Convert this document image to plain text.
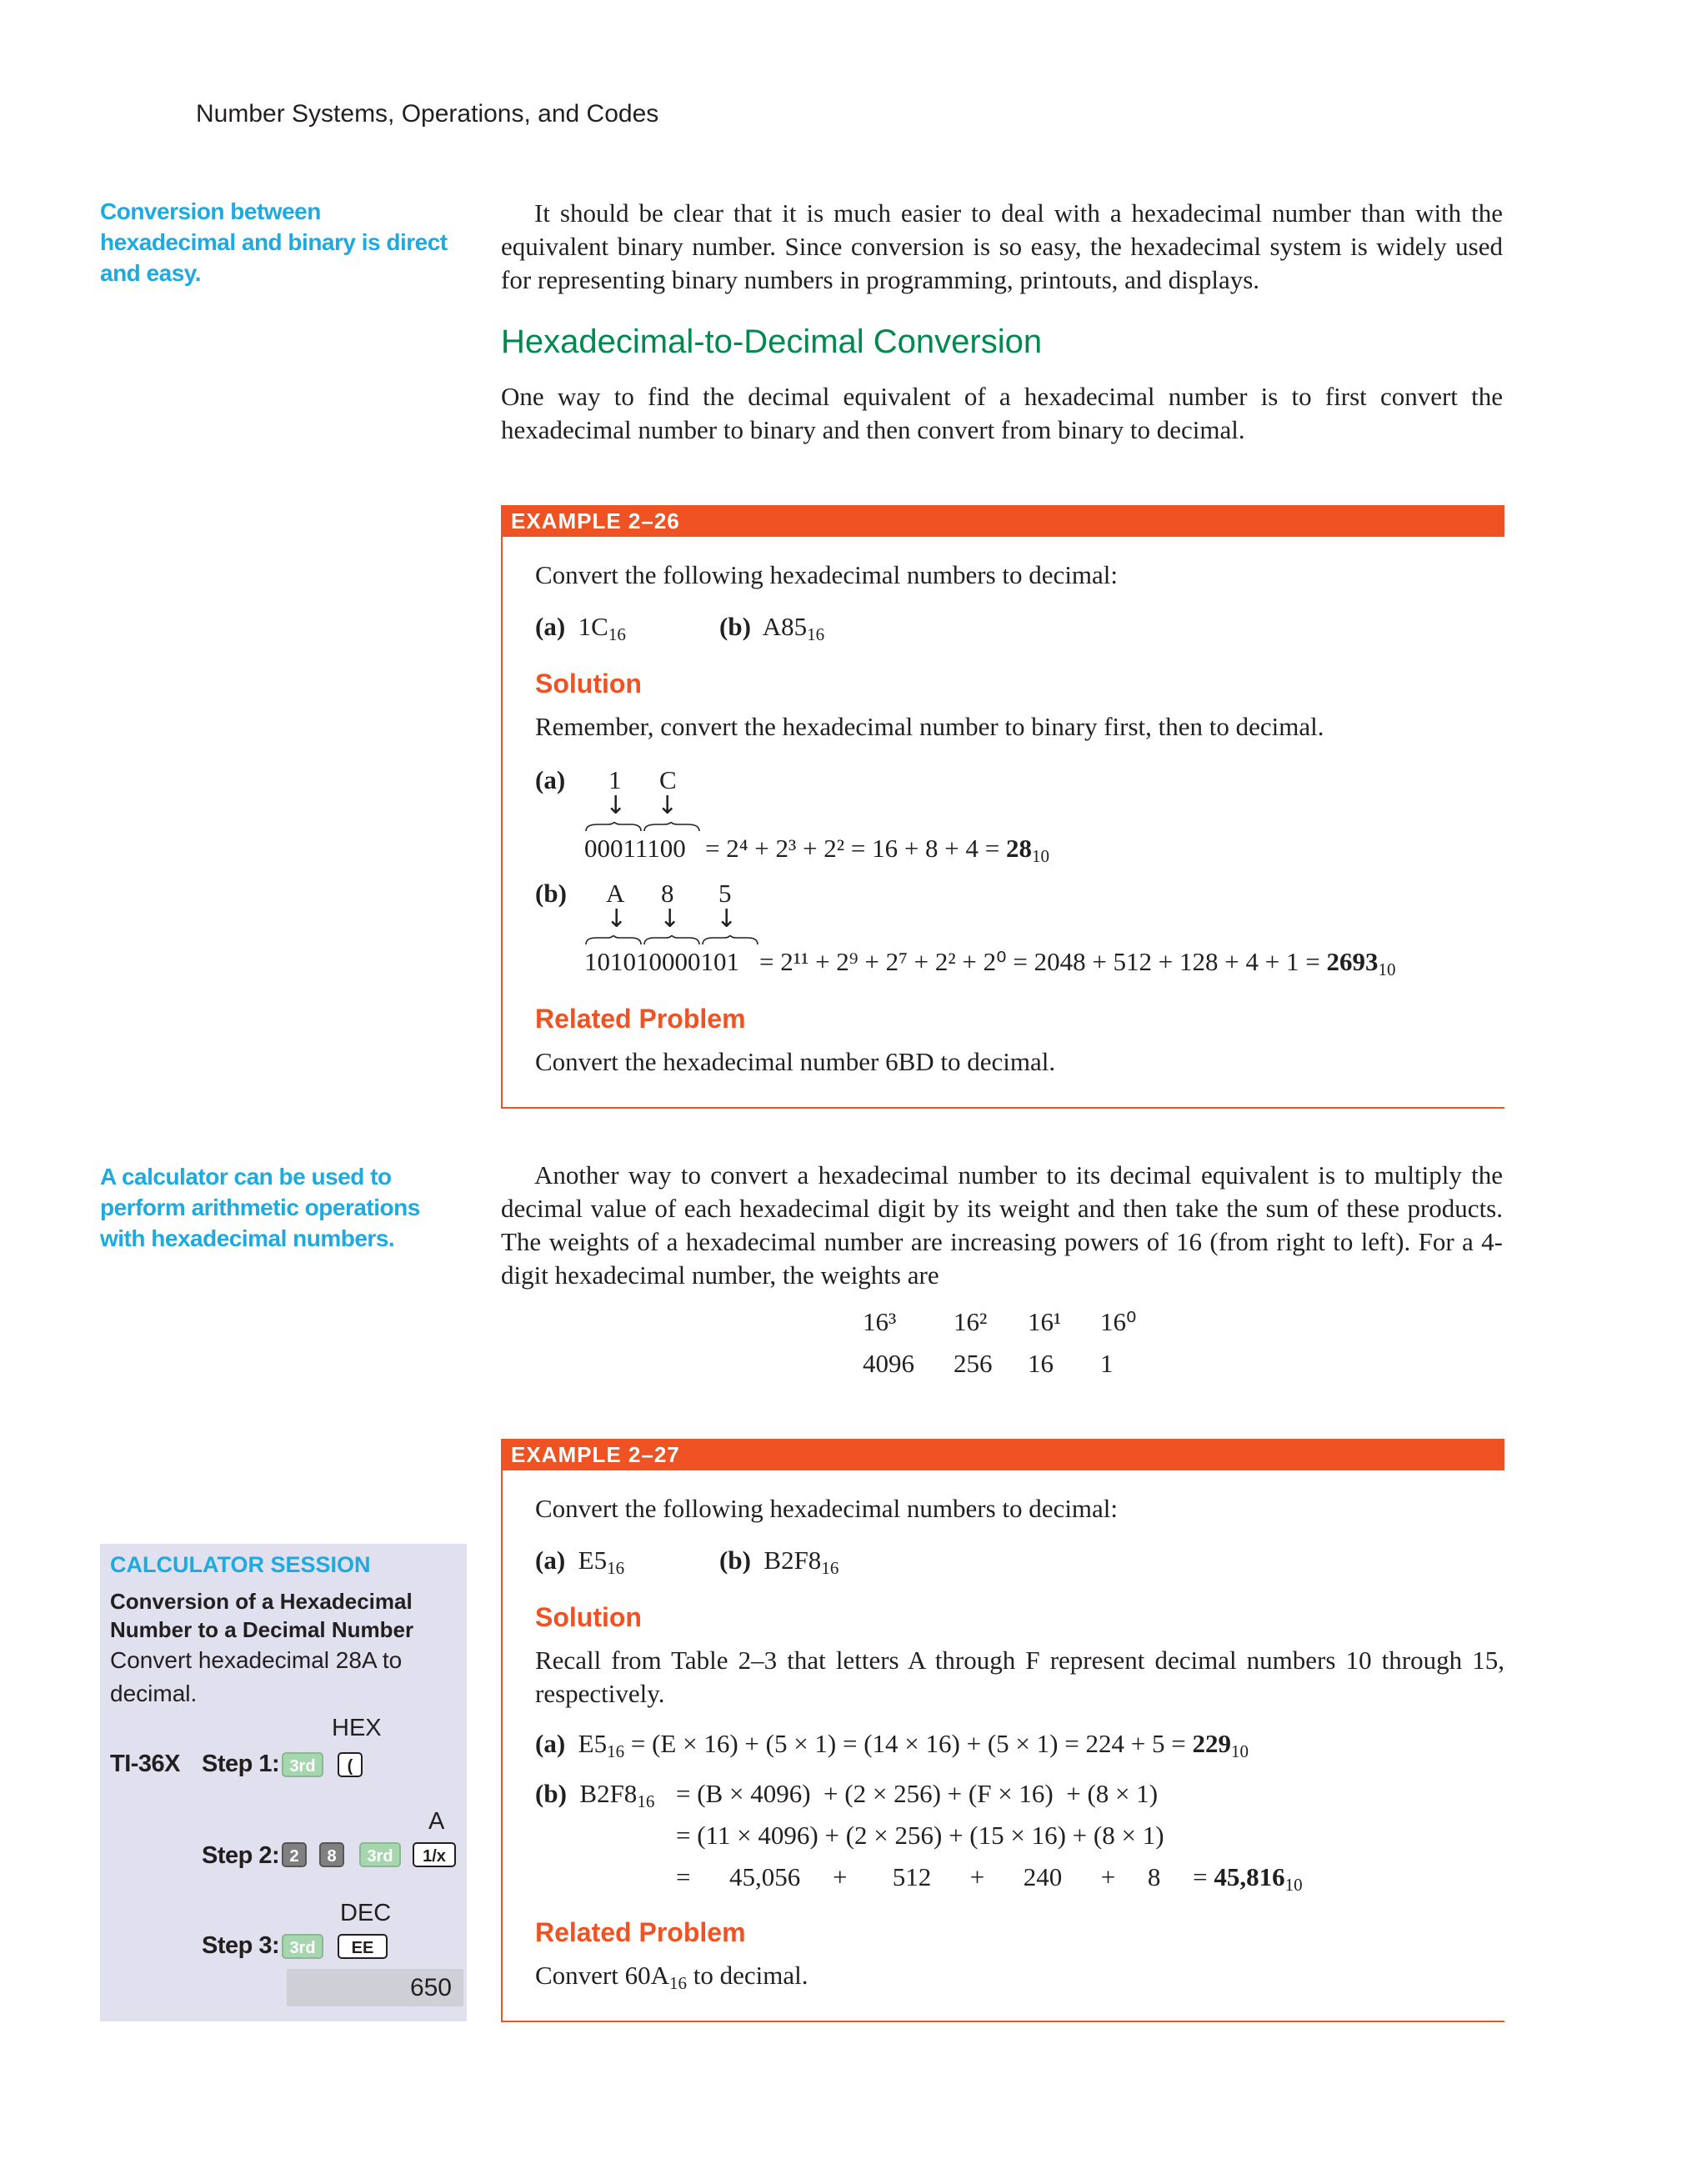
Number Systems, Operations, and Codes
Conversion between hexadecimal and binary is direct and easy.
A calculator can be used to perform arithmetic operations with hexadecimal numbers.
It should be clear that it is much easier to deal with a hexadecimal number than with the equivalent binary number. Since conversion is so easy, the hexadecimal system is widely used for representing binary numbers in programming, printouts, and displays.
Hexadecimal-to-Decimal Conversion
One way to find the decimal equivalent of a hexadecimal number is to first convert the hexadecimal number to binary and then convert from binary to decimal.
EXAMPLE 2–26
Convert the following hexadecimal numbers to decimal:
(a) $1C_{16}$	(b) $A85_{16}$
Solution
Remember, convert the hexadecimal number to binary first, then to decimal.
(a) 1 C
↓ ↓
$00011100 = 2^4 + 2^3 + 2^2 = 16 + 8 + 4 = 28_{10}$
(b) A 8 5
↓ ↓ ↓
$101010000101 = 2^{11} + 2^9 + 2^7 + 2^2 + 2^0 = 2048 + 512 + 128 + 4 + 1 = 2693_{10}$
Related Problem
Convert the hexadecimal number 6BD to decimal.
Another way to convert a hexadecimal number to its decimal equivalent is to multiply the decimal value of each hexadecimal digit by its weight and then take the sum of these products. The weights of a hexadecimal number are increasing powers of 16 (from right to left). For a 4-digit hexadecimal number, the weights are
16³ 16² 16¹ 16⁰
4096 256 16 1
EXAMPLE 2–27
Convert the following hexadecimal numbers to decimal:
(a) $E5_{16}$	(b) $B2F8_{16}$
Solution
Recall from Table 2–3 that letters A through F represent decimal numbers 10 through 15, respectively.
(a) $E5_{16} = (E \times 16) + (5 \times 1) = (14 \times 16) + (5 \times 1) = 224 + 5 = 229_{10}$
(b) $B2F8_{16} = (B \times 4096) + (2 \times 256) + (F \times 16) + (8 \times 1)$
= (11 × 4096) + (2 × 256) + (15 × 16) + (8 × 1)
=      45,056     +       512      +      240      +     8     = $45,816_{10}$
Related Problem
Convert $60A_{16}$ to decimal.
CALCULATOR SESSION
Conversion of a Hexadecimal Number to a Decimal Number
Convert hexadecimal 28A to decimal.
HEX
TI-36X Step 1: 3rd	(
A
Step 2: 2	8	3rd	1/x
DEC
Step 3: 3rd	EE
650
